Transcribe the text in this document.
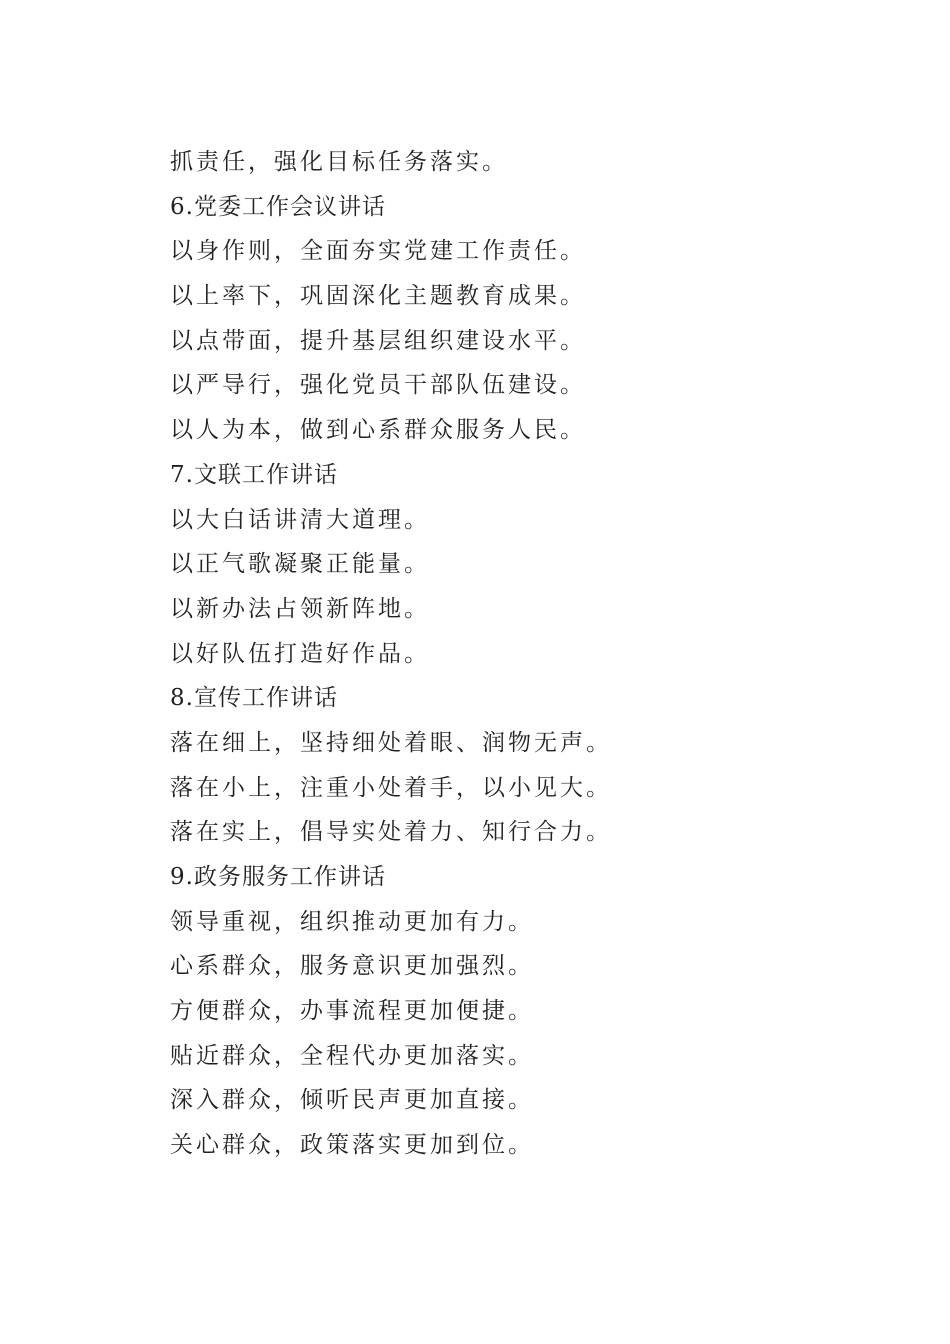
抓责任，强化目标任务落实。
6.党委工作会议讲话
以身作则，全面夯实党建工作责任。
以上率下，巩固深化主题教育成果。
以点带面，提升基层组织建设水平。
以严导行，强化党员干部队伍建设。
以人为本，做到心系群众服务人民。
7.文联工作讲话
以大白话讲清大道理。
以正气歌凝聚正能量。
以新办法占领新阵地。
以好队伍打造好作品。
8.宣传工作讲话
落在细上，坚持细处着眼、润物无声。
落在小上，注重小处着手，以小见大。
落在实上，倡导实处着力、知行合力。
9.政务服务工作讲话
领导重视，组织推动更加有力。
心系群众，服务意识更加强烈。
方便群众，办事流程更加便捷。
贴近群众，全程代办更加落实。
深入群众，倾听民声更加直接。
关心群众，政策落实更加到位。
